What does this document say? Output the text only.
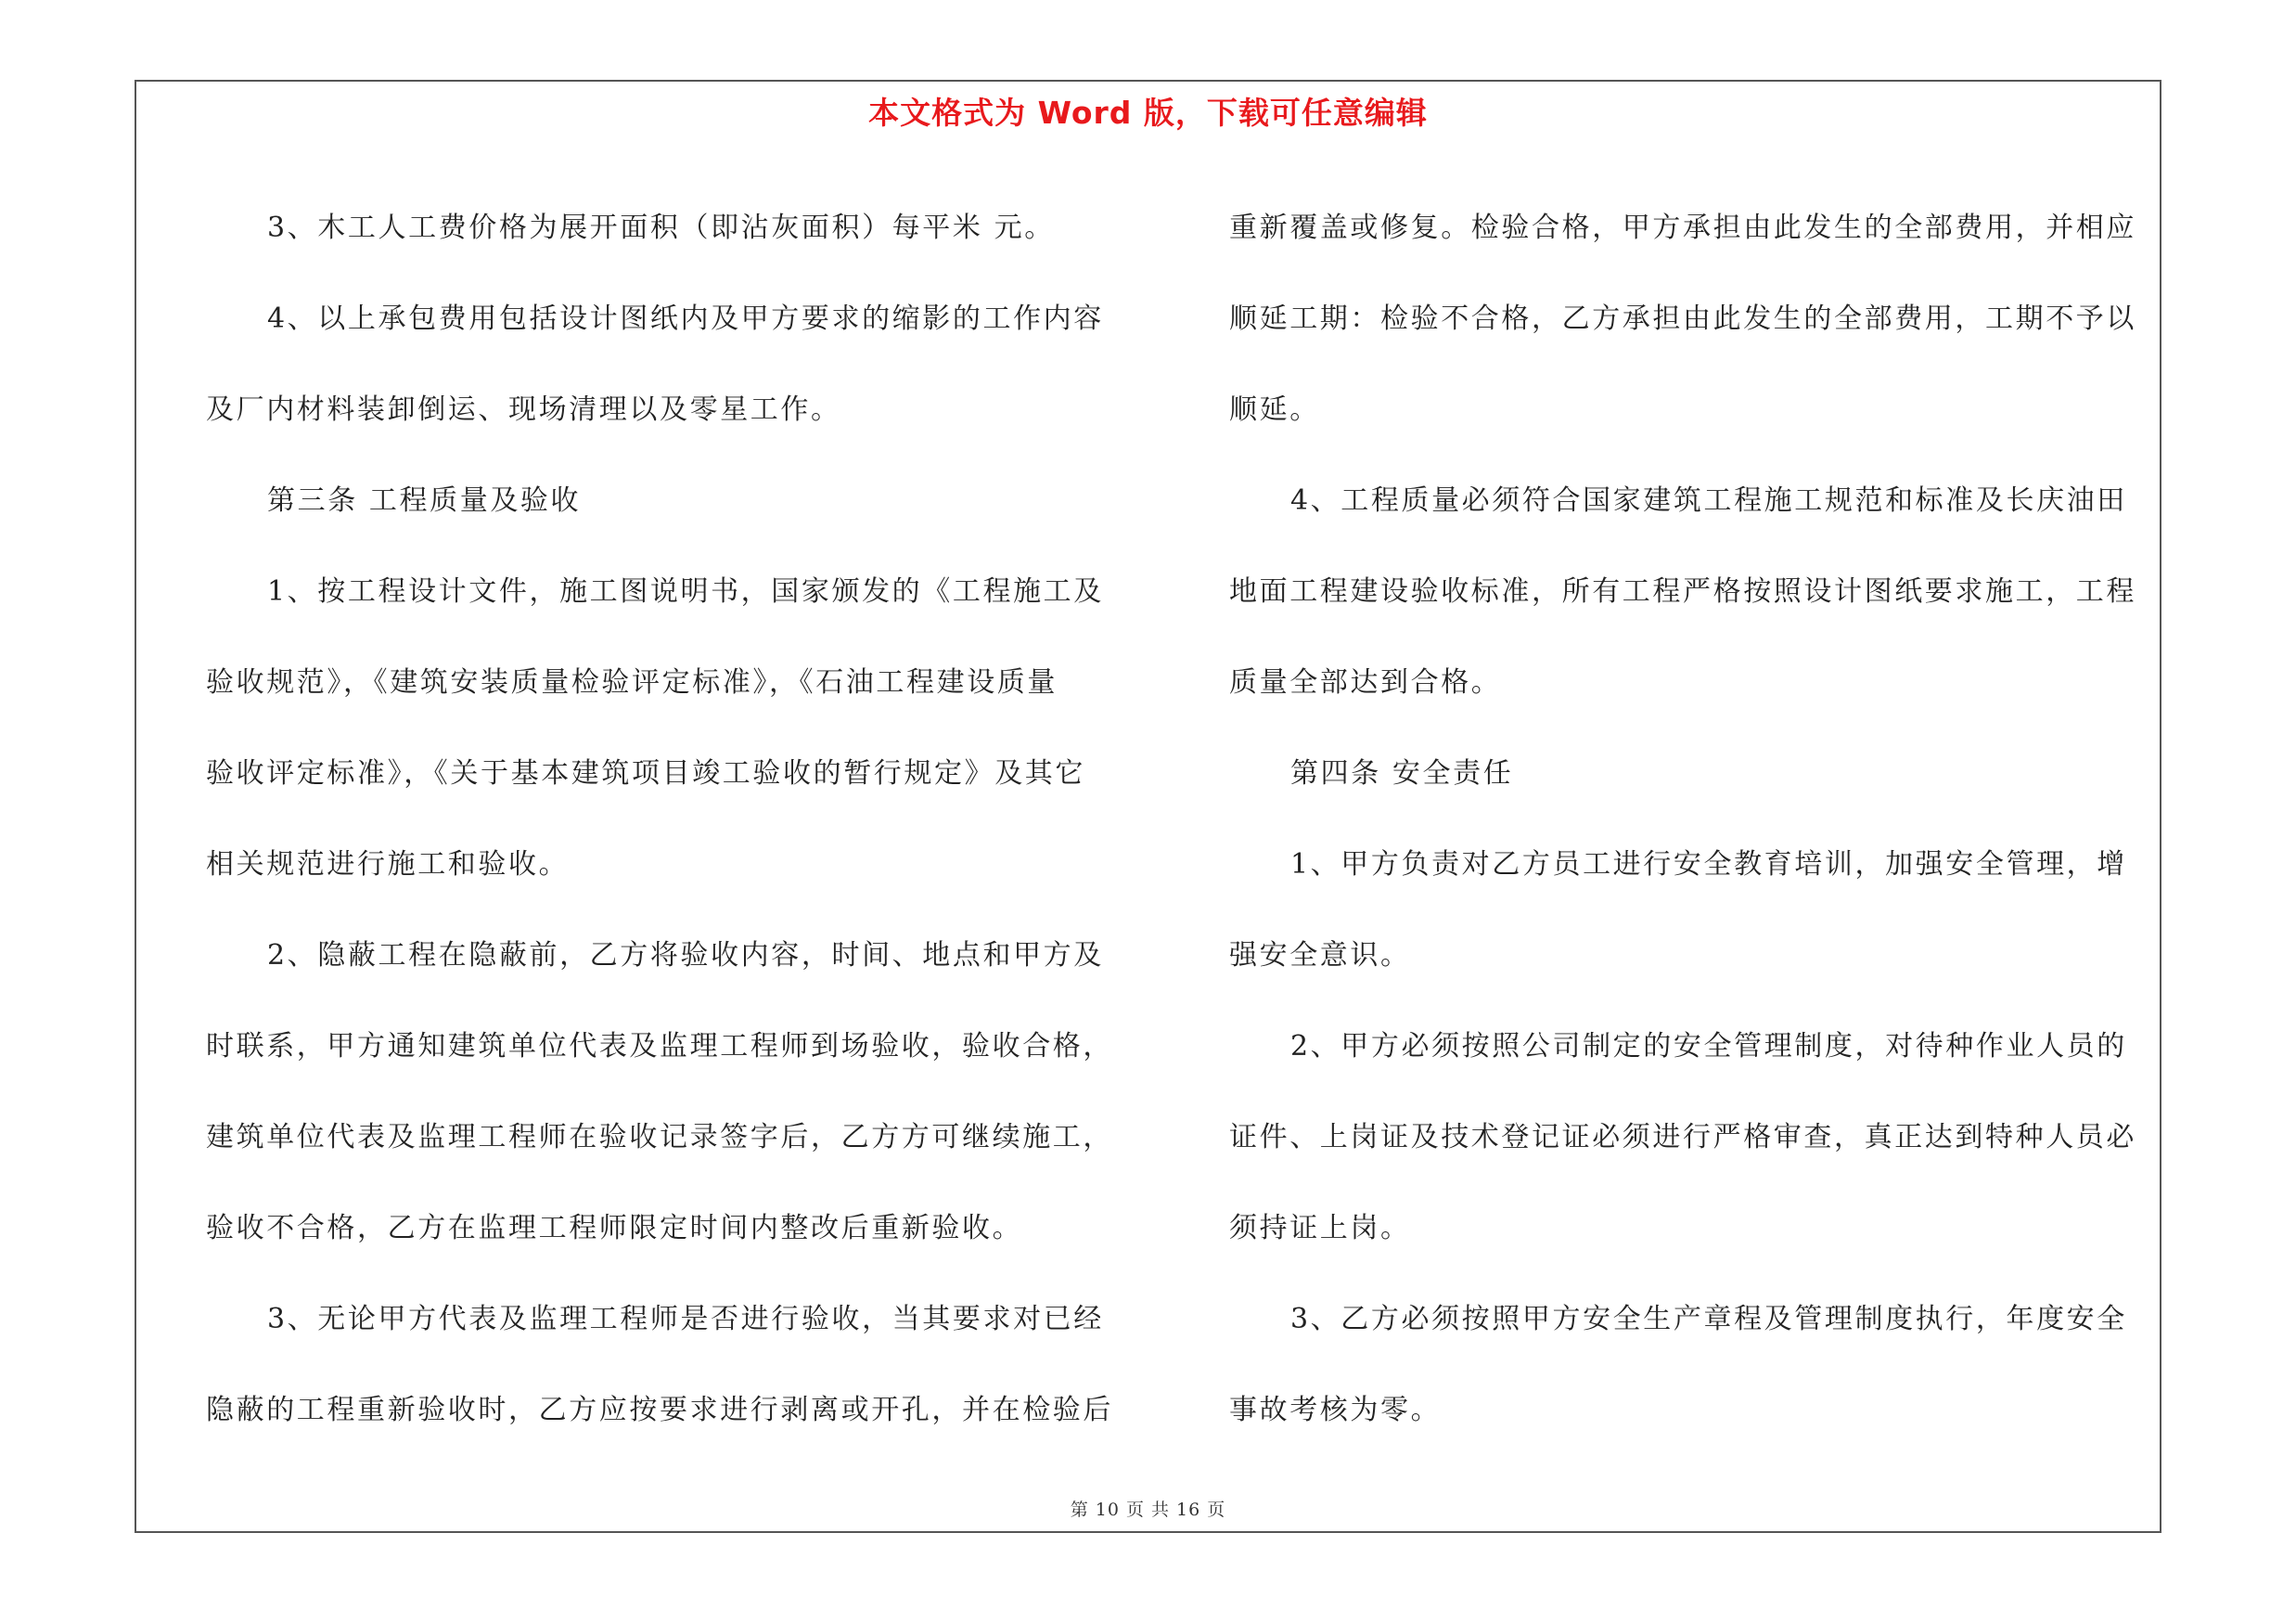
本文格式为 Word 版，下载可任意编辑
3、木工人工费价格为展开面积（即沾灰面积）每平米 元。
4、以上承包费用包括设计图纸内及甲方要求的缩影的工作内容
及厂内材料装卸倒运、现场清理以及零星工作。
第三条 工程质量及验收
1、按工程设计文件，施工图说明书，国家颁发的《工程施工及
验收规范》，《建筑安装质量检验评定标准》，《石油工程建设质量
验收评定标准》，《关于基本建筑项目竣工验收的暂行规定》及其它
相关规范进行施工和验收。
2、隐蔽工程在隐蔽前，乙方将验收内容，时间、地点和甲方及
时联系，甲方通知建筑单位代表及监理工程师到场验收，验收合格，
建筑单位代表及监理工程师在验收记录签字后，乙方方可继续施工，
验收不合格，乙方在监理工程师限定时间内整改后重新验收。
3、无论甲方代表及监理工程师是否进行验收，当其要求对已经
隐蔽的工程重新验收时，乙方应按要求进行剥离或开孔，并在检验后
重新覆盖或修复。检验合格，甲方承担由此发生的全部费用，并相应
顺延工期：检验不合格，乙方承担由此发生的全部费用，工期不予以
顺延。
4、工程质量必须符合国家建筑工程施工规范和标准及长庆油田
地面工程建设验收标准，所有工程严格按照设计图纸要求施工，工程
质量全部达到合格。
第四条 安全责任
1、甲方负责对乙方员工进行安全教育培训，加强安全管理，增
强安全意识。
2、甲方必须按照公司制定的安全管理制度，对待种作业人员的
证件、上岗证及技术登记证必须进行严格审查，真正达到特种人员必
须持证上岗。
3、乙方必须按照甲方安全生产章程及管理制度执行，年度安全
事故考核为零。
第 10 页 共 16 页
